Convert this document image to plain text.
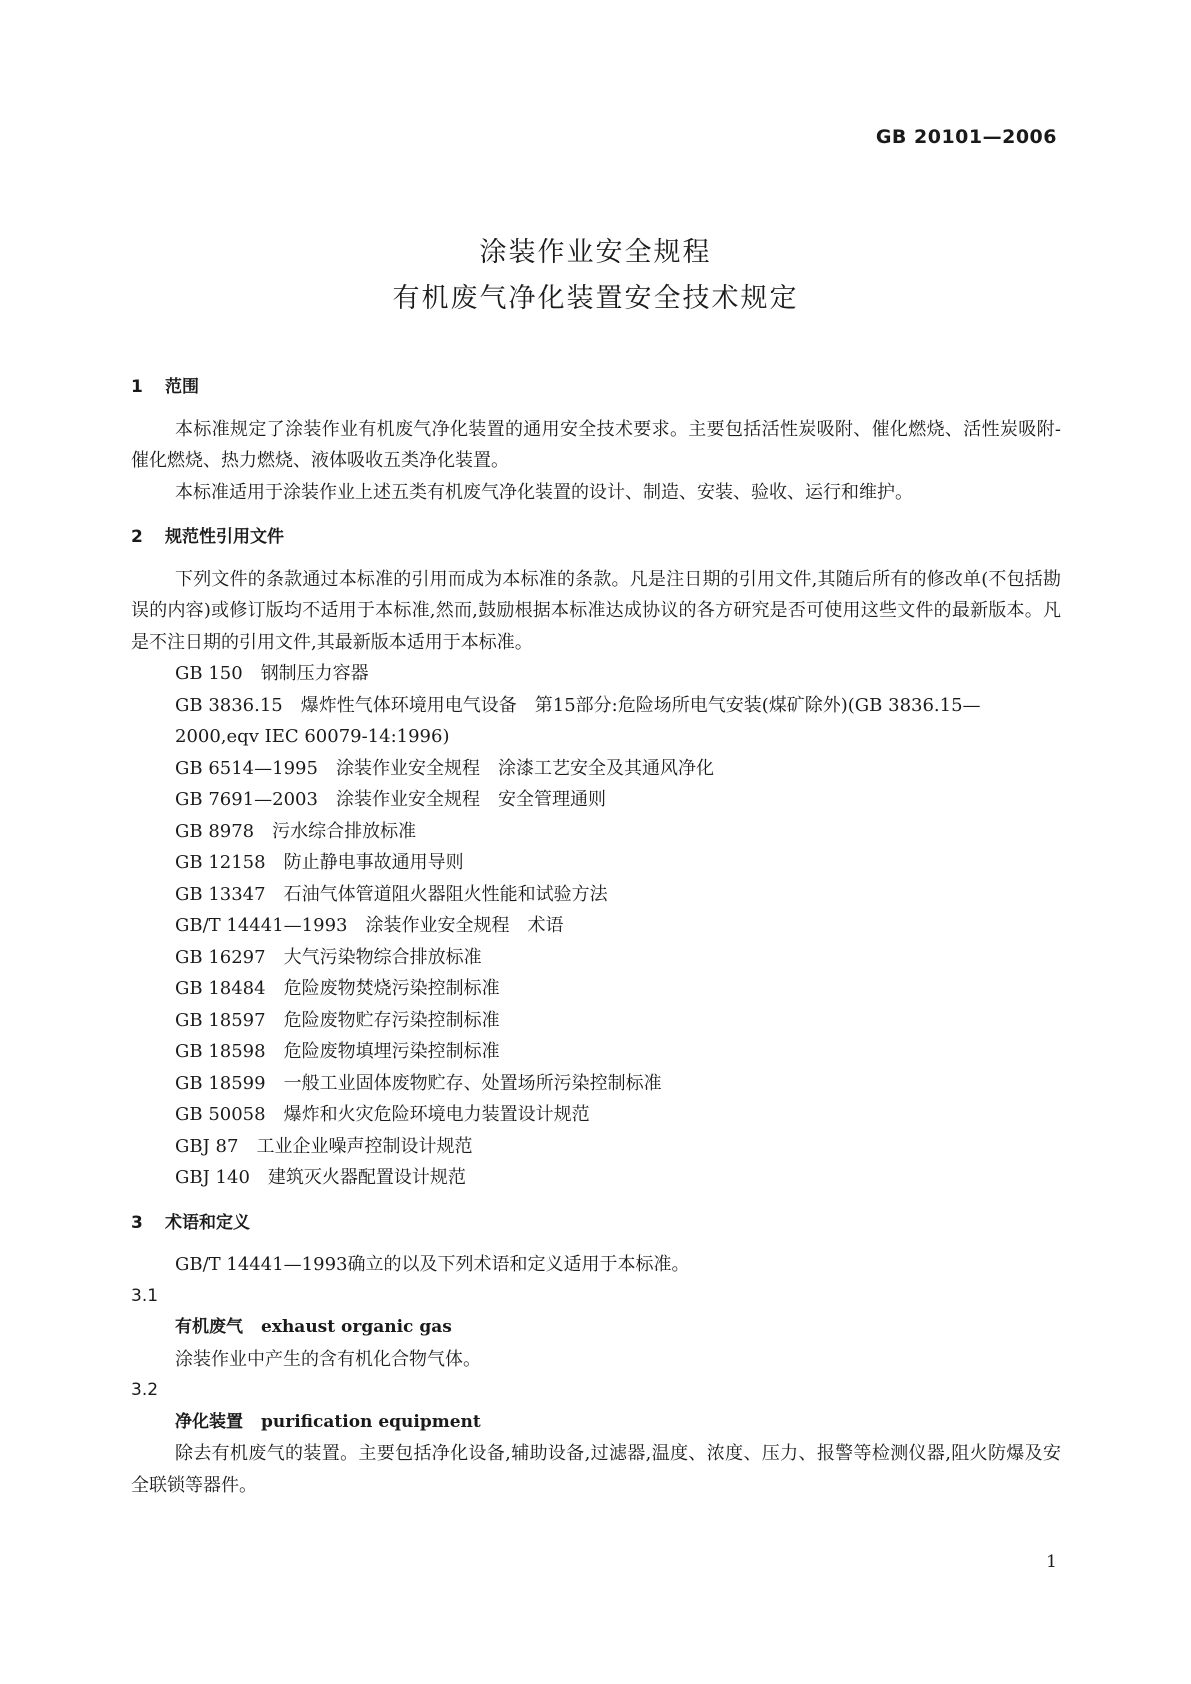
GB 20101—2006
涂装作业安全规程
有机废气净化装置安全技术规定

1 范围

本标准规定了涂装作业有机废气净化装置的通用安全技术要求。主要包括活性炭吸附、催化燃烧、活性炭吸附-催化燃烧、热力燃烧、液体吸收五类净化装置。

本标准适用于涂装作业上述五类有机废气净化装置的设计、制造、安装、验收、运行和维护。

2 规范性引用文件

下列文件的条款通过本标准的引用而成为本标准的条款。凡是注日期的引用文件,其随后所有的修改单(不包括勘误的内容)或修订版均不适用于本标准,然而,鼓励根据本标准达成协议的各方研究是否可使用这些文件的最新版本。凡是不注日期的引用文件,其最新版本适用于本标准。

GB 150 钢制压力容器

GB 3836.15 爆炸性气体环境用电气设备　第15部分:危险场所电气安装(煤矿除外)(GB 3836.15—2000,eqv IEC 60079-14:1996)

GB 6514—1995 涂装作业安全规程　涂漆工艺安全及其通风净化

GB 7691—2003 涂装作业安全规程　安全管理通则

GB 8978 污水综合排放标准

GB 12158 防止静电事故通用导则

GB 13347 石油气体管道阻火器阻火性能和试验方法

GB/T 14441—1993 涂装作业安全规程　术语

GB 16297 大气污染物综合排放标准

GB 18484 危险废物焚烧污染控制标准

GB 18597 危险废物贮存污染控制标准

GB 18598 危险废物填埋污染控制标准

GB 18599 一般工业固体废物贮存、处置场所污染控制标准

GB 50058 爆炸和火灾危险环境电力装置设计规范

GBJ 87 工业企业噪声控制设计规范

GBJ 140 建筑灭火器配置设计规范

3 术语和定义

GB/T 14441—1993确立的以及下列术语和定义适用于本标准。

3.1

有机废气 exhaust organic gas

涂装作业中产生的含有机化合物气体。

3.2

净化装置 purification equipment

除去有机废气的装置。主要包括净化设备,辅助设备,过滤器,温度、浓度、压力、报警等检测仪器,阻火防爆及安全联锁等器件。

1
